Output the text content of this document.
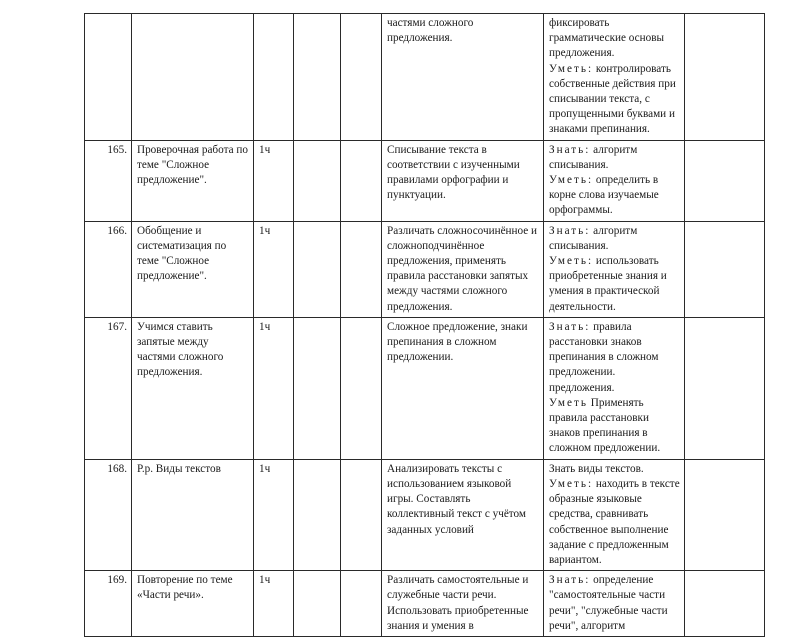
					частями сложного предложения.	фиксировать грамматические основы предложения.
Уметь: контролировать собственные действия при списывании текста, с пропущенными буквами и знаками препинания.	

165.	Проверочная работа по теме "Сложное предложение".	1ч			Списывание текста в соответствии с изученными правилами орфографии и пунктуации.	Знать: алгоритм списывания.
Уметь: определить в корне слова изучаемые орфограммы.	

166.	Обобщение и систематизация по теме "Сложное предложение".	1ч			Различать сложносочинённое и сложноподчинённое предложения, применять правила расстановки запятых между частями сложного предложения.	Знать: алгоритм списывания.
Уметь: использовать приобретенные знания и умения в практической деятельности.	

167.	Учимся ставить запятые между частями сложного предложения.	1ч			Сложное предложение, знаки препинания в сложном предложении.	Знать: правила расстановки знаков препинания в сложном предложении. предложения.
Уметь Применять правила расстановки знаков препинания в сложном предложении.	

168.	Р.р. Виды текстов	1ч			Анализировать тексты с использованием языковой игры. Составлять коллективный текст с учётом заданных условий	Знать виды текстов.
Уметь: находить в тексте образные языковые средства, сравнивать собственное выполнение задание с предложенным вариантом.	

169.	Повторение по теме «Части речи».	1ч			Различать самостоятельные и служебные части речи. Использовать приобретенные знания и умения в	Знать: определение "самостоятельные части речи", "служебные части речи", алгоритм	
